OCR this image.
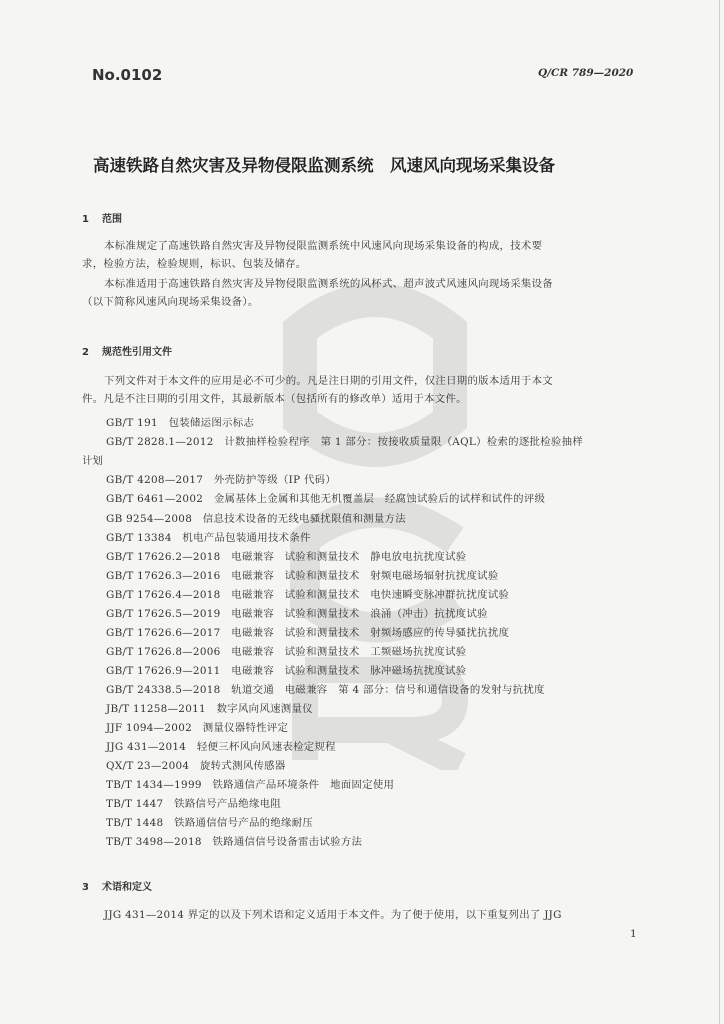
No.0102	Q/CR 789—2020
高速铁路自然灾害及异物侵限监测系统　风速风向现场采集设备
1 范围
本标准规定了高速铁路自然灾害及异物侵限监测系统中风速风向现场采集设备的构成，技术要
求，检验方法，检验规则，标识、包装及储存。
本标准适用于高速铁路自然灾害及异物侵限监测系统的风杯式、超声波式风速风向现场采集设备
（以下简称风速风向现场采集设备）。
2 规范性引用文件
下列文件对于本文件的应用是必不可少的。凡是注日期的引用文件，仅注日期的版本适用于本文
件。凡是不注日期的引用文件，其最新版本（包括所有的修改单）适用于本文件。
GB/T 191　包装储运图示标志
GB/T 2828.1—2012　计数抽样检验程序　第 1 部分：按接收质量限（AQL）检索的逐批检验抽样
计划
GB/T 4208—2017　外壳防护等级（IP 代码）
GB/T 6461—2002　金属基体上金属和其他无机覆盖层　经腐蚀试验后的试样和试件的评级
GB 9254—2008　信息技术设备的无线电骚扰限值和测量方法
GB/T 13384　机电产品包装通用技术条件
GB/T 17626.2—2018　电磁兼容　试验和测量技术　静电放电抗扰度试验
GB/T 17626.3—2016　电磁兼容　试验和测量技术　射频电磁场辐射抗扰度试验
GB/T 17626.4—2018　电磁兼容　试验和测量技术　电快速瞬变脉冲群抗扰度试验
GB/T 17626.5—2019　电磁兼容　试验和测量技术　浪涌（冲击）抗扰度试验
GB/T 17626.6—2017　电磁兼容　试验和测量技术　射频场感应的传导骚扰抗扰度
GB/T 17626.8—2006　电磁兼容　试验和测量技术　工频磁场抗扰度试验
GB/T 17626.9—2011　电磁兼容　试验和测量技术　脉冲磁场抗扰度试验
GB/T 24338.5—2018　轨道交通　电磁兼容　第 4 部分：信号和通信设备的发射与抗扰度
JB/T 11258—2011　数字风向风速测量仪
JJF 1094—2002　测量仪器特性评定
JJG 431—2014　轻便三杯风向风速表检定规程
QX/T 23—2004　旋转式测风传感器
TB/T 1434—1999　铁路通信产品环境条件　地面固定使用
TB/T 1447　铁路信号产品绝缘电阻
TB/T 1448　铁路通信信号产品的绝缘耐压
TB/T 3498—2018　铁路通信信号设备雷击试验方法
3 术语和定义
JJG 431—2014 界定的以及下列术语和定义适用于本文件。为了便于使用，以下重复列出了 JJG
1
